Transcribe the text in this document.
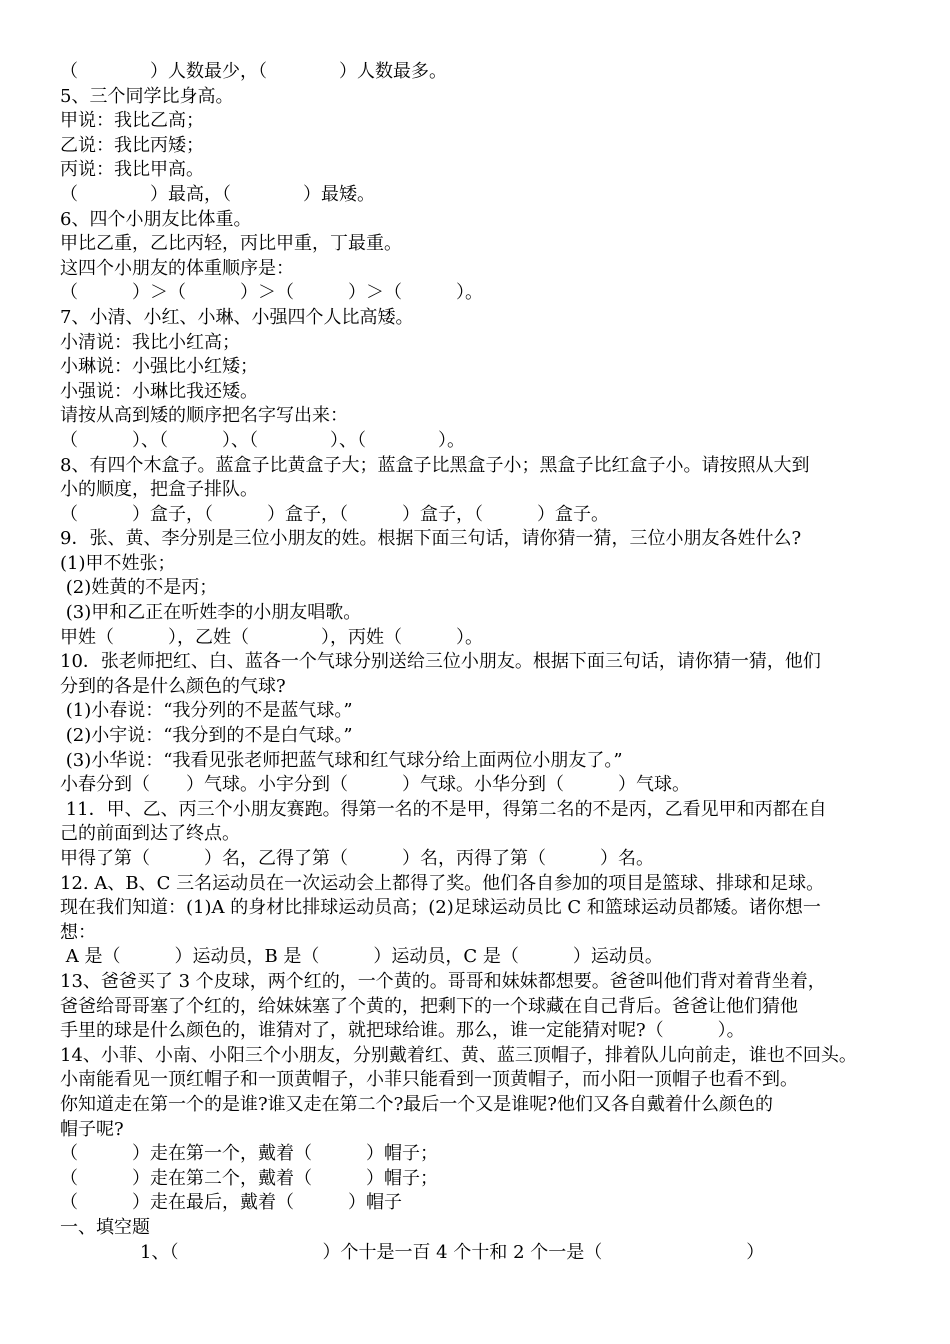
（　　　　）人数最少，（　　　　）人数最多。
5、三个同学比身高。
甲说：我比乙高；
乙说：我比丙矮；
丙说：我比甲高。
（　　　　）最高，（　　　　）最矮。
6、四个小朋友比体重。
甲比乙重，乙比丙轻，丙比甲重，丁最重。
这四个小朋友的体重顺序是：
（　　　）＞（　　　）＞（　　　）＞（　　　）。
7、小清、小红、小琳、小强四个人比高矮。
小清说：我比小红高；
小琳说：小强比小红矮；
小强说：小琳比我还矮。
请按从高到矮的顺序把名字写出来：
（　　　）、（　　　）、（　　　　）、（　　　　）。
8、有四个木盒子。蓝盒子比黄盒子大；蓝盒子比黑盒子小；黑盒子比红盒子小。请按照从大到
小的顺度，把盒子排队。
（　　　）盒子，（　　　）盒子，（　　　）盒子，（　　　）盒子。
9．张、黄、李分别是三位小朋友的姓。根据下面三句话，请你猜一猜，三位小朋友各姓什么?
(1)甲不姓张；
(2)姓黄的不是丙；
(3)甲和乙正在听姓李的小朋友唱歌。
甲姓（　　　），乙姓（　　　　），丙姓（　　　）。
10．张老师把红、白、蓝各一个气球分别送给三位小朋友。根据下面三句话，请你猜一猜，他们
分到的各是什么颜色的气球?
(1)小春说：“我分列的不是蓝气球。”
(2)小宇说：“我分到的不是白气球。”
(3)小华说：“我看见张老师把蓝气球和红气球分给上面两位小朋友了。”
小春分到（　　）气球。小宇分到（　　　）气球。小华分到（　　　）气球。
11．甲、乙、丙三个小朋友赛跑。得第一名的不是甲，得第二名的不是丙，乙看见甲和丙都在自
己的前面到达了终点。
甲得了第（　　　）名，乙得了第（　　　）名，丙得了第（　　　）名。
12. A、B、C 三名运动员在一次运动会上都得了奖。他们各自参加的项目是篮球、排球和足球。
现在我们知道：(1)A 的身材比排球运动员高；(2)足球运动员比 C 和篮球运动员都矮。诸你想一
想：
A 是（　　　）运动员，B 是（　　　）运动员，C 是（　　　）运动员。
13、爸爸买了 3 个皮球，两个红的，一个黄的。哥哥和妹妹都想要。爸爸叫他们背对着背坐着，
爸爸给哥哥塞了个红的，给妹妹塞了个黄的，把剩下的一个球藏在自己背后。爸爸让他们猜他
手里的球是什么颜色的，谁猜对了，就把球给谁。那么，谁一定能猜对呢?（　　　）。
14、小菲、小南、小阳三个小朋友，分别戴着红、黄、蓝三顶帽子，排着队儿向前走，谁也不回头。
小南能看见一顶红帽子和一顶黄帽子，小菲只能看到一顶黄帽子，而小阳一顶帽子也看不到。
你知道走在第一个的是谁?谁又走在第二个?最后一个又是谁呢?他们又各自戴着什么颜色的
帽子呢?
（　　　）走在第一个，戴着（　　　）帽子；
（　　　）走在第二个，戴着（　　　）帽子；
（　　　）走在最后，戴着（　　　）帽子
一、填空题
1、（　　　　　　　　）个十是一百 4 个十和 2 个一是（　　　　　　　　）
